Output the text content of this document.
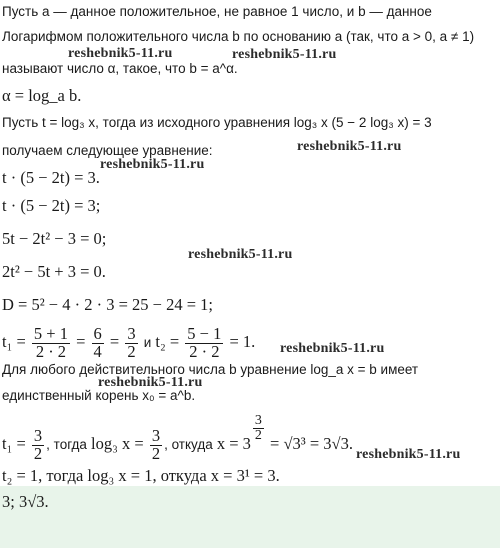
Пусть a — данное положительное, не равное 1 число, и b — данное
Логарифмом положительного числа b по основанию a (так, что a > 0, a ≠ 1)
называют число α, такое, что b = a^α.
α = log_a b.
Пусть t = log₃ x, тогда из исходного уравнения log₃ x (5 − 2 log₃ x) = 3
получаем следующее уравнение:
t · (5 − 2t) = 3.
t · (5 − 2t) = 3;
5t − 2t² − 3 = 0;
2t² − 5t + 3 = 0.
D = 5² − 4 · 2 · 3 = 25 − 24 = 1;
$t_1 = \frac{5 + 1}{2 \cdot 2} = \frac{6}{4} = \frac{3}{2}$ и $t_2 = \frac{5 - 1}{2 \cdot 2} = 1$.
Для любого действительного числа b уравнение log_a x = b имеет
единственный корень x₀ = a^b.
$t_1 = \frac{3}{2}$ , тогда log₃ $x = \frac{3}{2}$ , откуда x = 3
$\frac{3}{2}$
= √3³ = 3√3.
t₂ = 1, тогда log₃ x = 1, откуда x = 3¹ = 3.
3; 3√3.
reshebnik5-11.ru	reshebnik5-11.ru
reshebnik5-11.ru
reshebnik5-11.ru
reshebnik5-11.ru
reshebnik5-11.ru
reshebnik5-11.ru
reshebnik5-11.ru
